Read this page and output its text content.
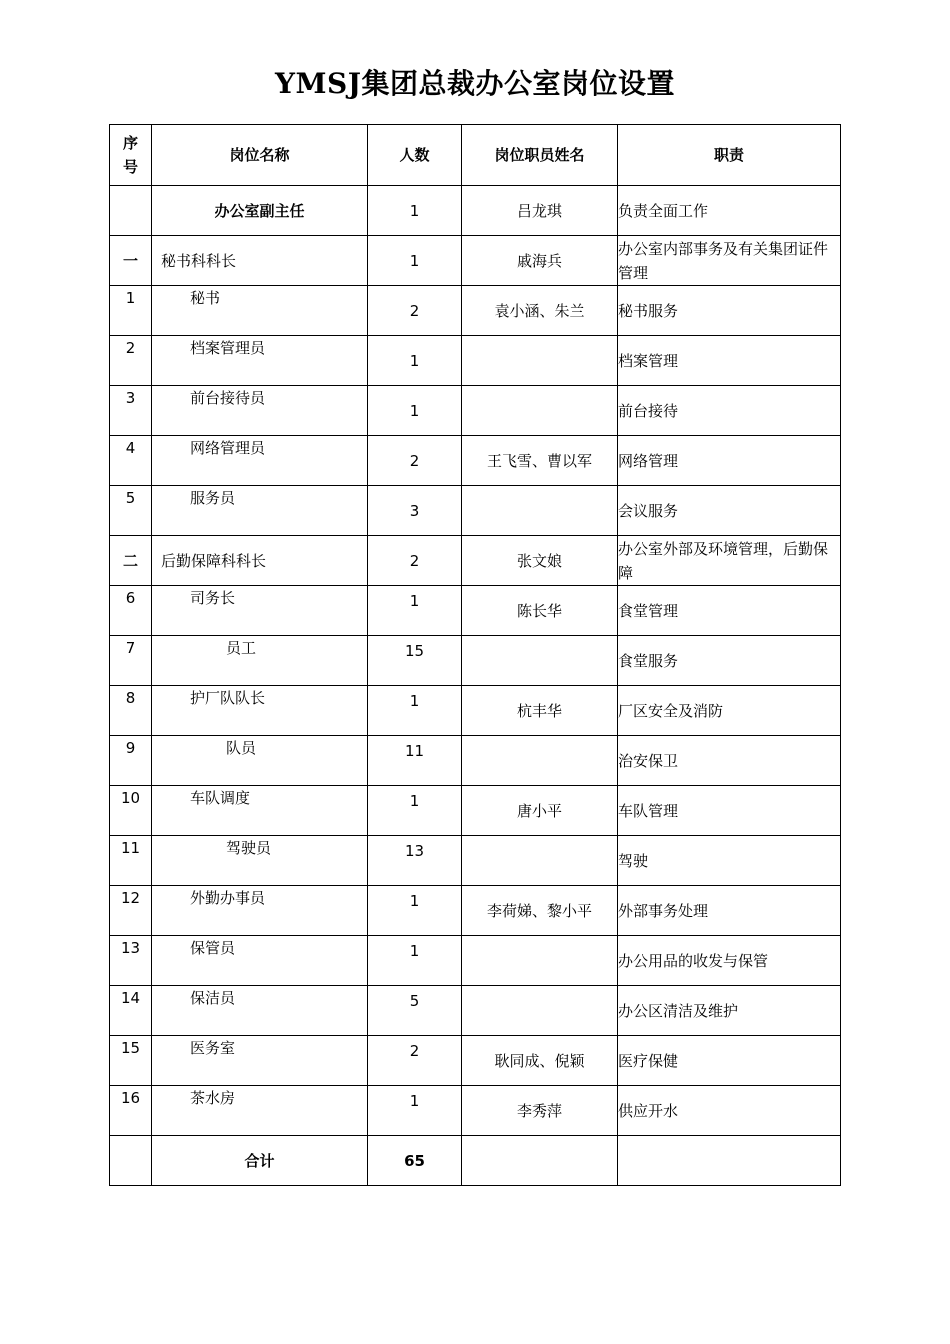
YMSJ集团总裁办公室岗位设置
序号	岗位名称	人数	岗位职员姓名	职责
	办公室副主任	1	吕龙琪	负责全面工作
一	秘书科科长	1	戚海兵	办公室内部事务及有关集团证件管理
1	秘书	2	袁小涵、朱兰	秘书服务
2	档案管理员	1		档案管理
3	前台接待员	1		前台接待
4	网络管理员	2	王飞雪、曹以军	网络管理
5	服务员	3		会议服务
二	后勤保障科科长	2	张文娘	办公室外部及环境管理，后勤保障
6	司务长	1	陈长华	食堂管理
7	员工	15		食堂服务
8	护厂队队长	1	杭丰华	厂区安全及消防
9	队员	11		治安保卫
10	车队调度	1	唐小平	车队管理
11	驾驶员	13		驾驶
12	外勤办事员	1	李荷娣、黎小平	外部事务处理
13	保管员	1		办公用品的收发与保管
14	保洁员	5		办公区清洁及维护
15	医务室	2	耿同成、倪颖	医疗保健
16	茶水房	1	李秀萍	供应开水
	合计	65		
